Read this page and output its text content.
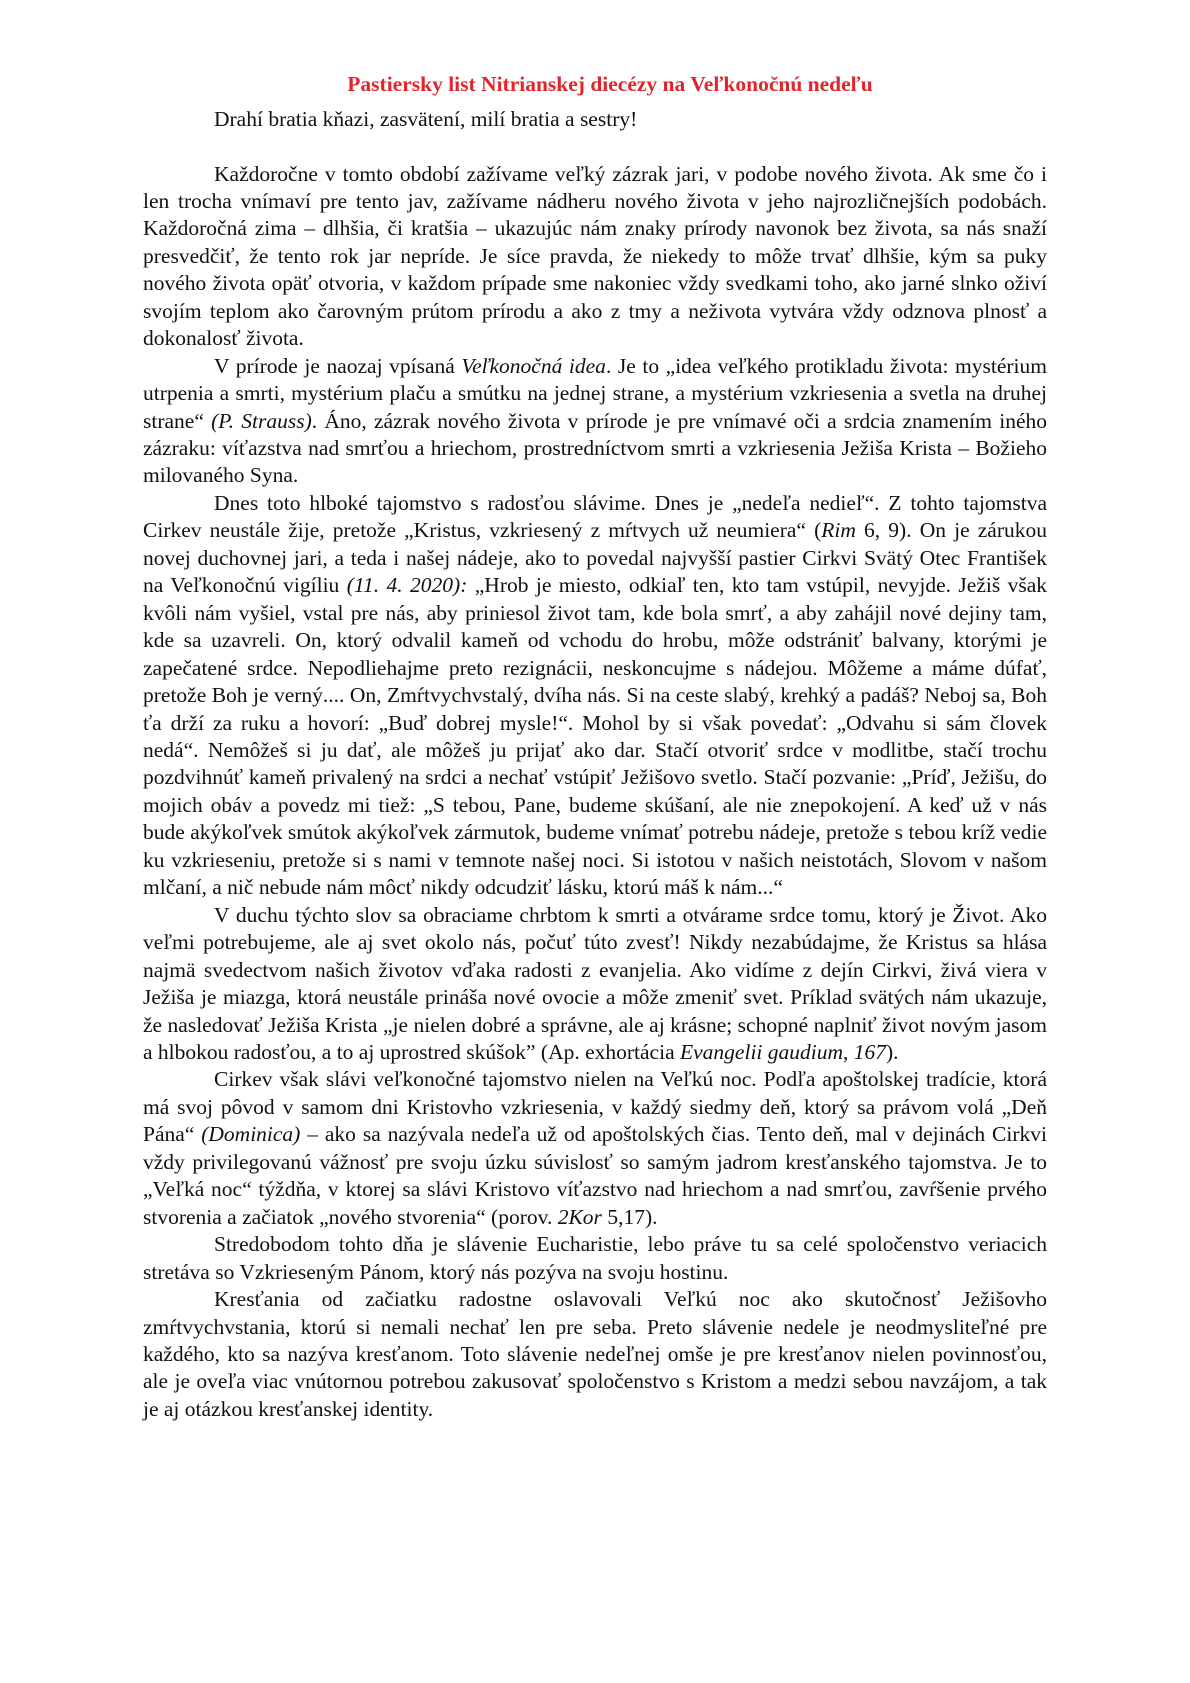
Pastiersky list Nitrianskej diecézy na Veľkonočnú nedeľu
Drahí bratia kňazi, zasvätení, milí bratia a sestry!

Každoročne v tomto období zažívame veľký zázrak jari, v podobe nového života. Ak sme čo i len trocha vnímaví pre tento jav, zažívame nádheru nového života v jeho najrozličnejších podobách. Každoročná zima – dlhšia, či kratšia – ukazujúc nám znaky prírody navonok bez života, sa nás snaží presvedčiť, že tento rok jar nepríde. Je síce pravda, že niekedy to môže trvať dlhšie, kým sa puky nového života opäť otvoria, v každom prípade sme nakoniec vždy svedkami toho, ako jarné slnko oživí svojím teplom ako čarovným prútom prírodu a ako z tmy a neživota vytvára vždy odznova plnosť a dokonalosť života.

V prírode je naozaj vpísaná Veľkonočná idea. Je to „idea veľkého protikladu života: mystérium utrpenia a smrti, mystérium plaču a smútku na jednej strane, a mystérium vzkriesenia a svetla na druhej strane“ (P. Strauss). Áno, zázrak nového života v prírode je pre vnímavé oči a srdcia znamením iného zázraku: víťazstva nad smrťou a hriechom, prostredníctvom smrti a vzkriesenia Ježiša Krista – Božieho milovaného Syna.

Dnes toto hlboké tajomstvo s radosťou slávime. Dnes je „nedeľa nedieľ“. Z tohto tajomstva Cirkev neustále žije, pretože „Kristus, vzkriesený z mŕtvych už neumiera“ (Rim 6, 9). On je zárukou novej duchovnej jari, a teda i našej nádeje, ako to povedal najvyšší pastier Cirkvi Svätý Otec František na Veľkonočnú vigíliu (11. 4. 2020): „Hrob je miesto, odkiaľ ten, kto tam vstúpil, nevyjde. Ježiš však kvôli nám vyšiel, vstal pre nás, aby priniesol život tam, kde bola smrť, a aby zahájil nové dejiny tam, kde sa uzavreli. On, ktorý odvalil kameň od vchodu do hrobu, môže odstrániť balvany, ktorými je zapečatené srdce. Nepodliehajme preto rezignácii, neskoncujme s nádejou. Môžeme a máme dúfať, pretože Boh je verný.... On, Zmŕtvychvstalý, dvíha nás. Si na ceste slabý, krehký a padáš? Neboj sa, Boh ťa drží za ruku a hovorí: „Buď dobrej mysle!“. Mohol by si však povedať: „Odvahu si sám človek nedá“. Nemôžeš si ju dať, ale môžeš ju prijať ako dar. Stačí otvoriť srdce v modlitbe, stačí trochu pozdvihnúť kameň privalený na srdci a nechať vstúpiť Ježišovo svetlo. Stačí pozvanie: „Príď, Ježišu, do mojich obáv a povedz mi tiež: „S tebou, Pane, budeme skúšaní, ale nie znepokojení. A keď už v nás bude akýkoľvek smútok akýkoľvek zármutok, budeme vnímať potrebu nádeje, pretože s tebou kríž vedie ku vzkrieseniu, pretože si s nami v temnote našej noci. Si istotou v našich neistotách, Slovom v našom mlčaní, a nič nebude nám môcť nikdy odcudziť lásku, ktorú máš k nám...“

V duchu týchto slov sa obraciame chrbtom k smrti a otvárame srdce tomu, ktorý je Život. Ako veľmi potrebujeme, ale aj svet okolo nás, počuť túto zvesť! Nikdy nezabúdajme, že Kristus sa hlása najmä svedectvom našich životov vďaka radosti z evanjelia. Ako vidíme z dejín Cirkvi, živá viera v Ježiša je miazga, ktorá neustále prináša nové ovocie a môže zmeniť svet. Príklad svätých nám ukazuje, že nasledovať Ježiša Krista „je nielen dobré a správne, ale aj krásne; schopné naplniť život novým jasom a hlbokou radosťou, a to aj uprostred skúšok” (Ap. exhortácia Evangelii gaudium, 167).

Cirkev však slávi veľkonočné tajomstvo nielen na Veľkú noc. Podľa apoštolskej tradície, ktorá má svoj pôvod v samom dni Kristovho vzkriesenia, v každý siedmy deň, ktorý sa právom volá „Deň Pána“ (Dominica) – ako sa nazývala nedeľa už od apoštolských čias. Tento deň, mal v dejinách Cirkvi vždy privilegovanú vážnosť pre svoju úzku súvislosť so samým jadrom kresťanského tajomstva. Je to „Veľká noc“ týždňa, v ktorej sa slávi Kristovo víťazstvo nad hriechom a nad smrťou, zavŕšenie prvého stvorenia a začiatok „nového stvorenia“ (porov. 2Kor 5,17).

Stredobodom tohto dňa je slávenie Eucharistie, lebo práve tu sa celé spoločenstvo veriacich stretáva so Vzkrieseným Pánom, ktorý nás pozýva na svoju hostinu.

Kresťania od začiatku radostne oslavovali Veľkú noc ako skutočnosť Ježišovho zmŕtvychvstania, ktorú si nemali nechať len pre seba. Preto slávenie nedele je neodmysliteľné pre každého, kto sa nazýva kresťanom. Toto slávenie nedeľnej omše je pre kresťanov nielen povinnosťou, ale je oveľa viac vnútornou potrebou zakusovať spoločenstvo s Kristom a medzi sebou navzájom, a tak je aj otázkou kresťanskej identity.
